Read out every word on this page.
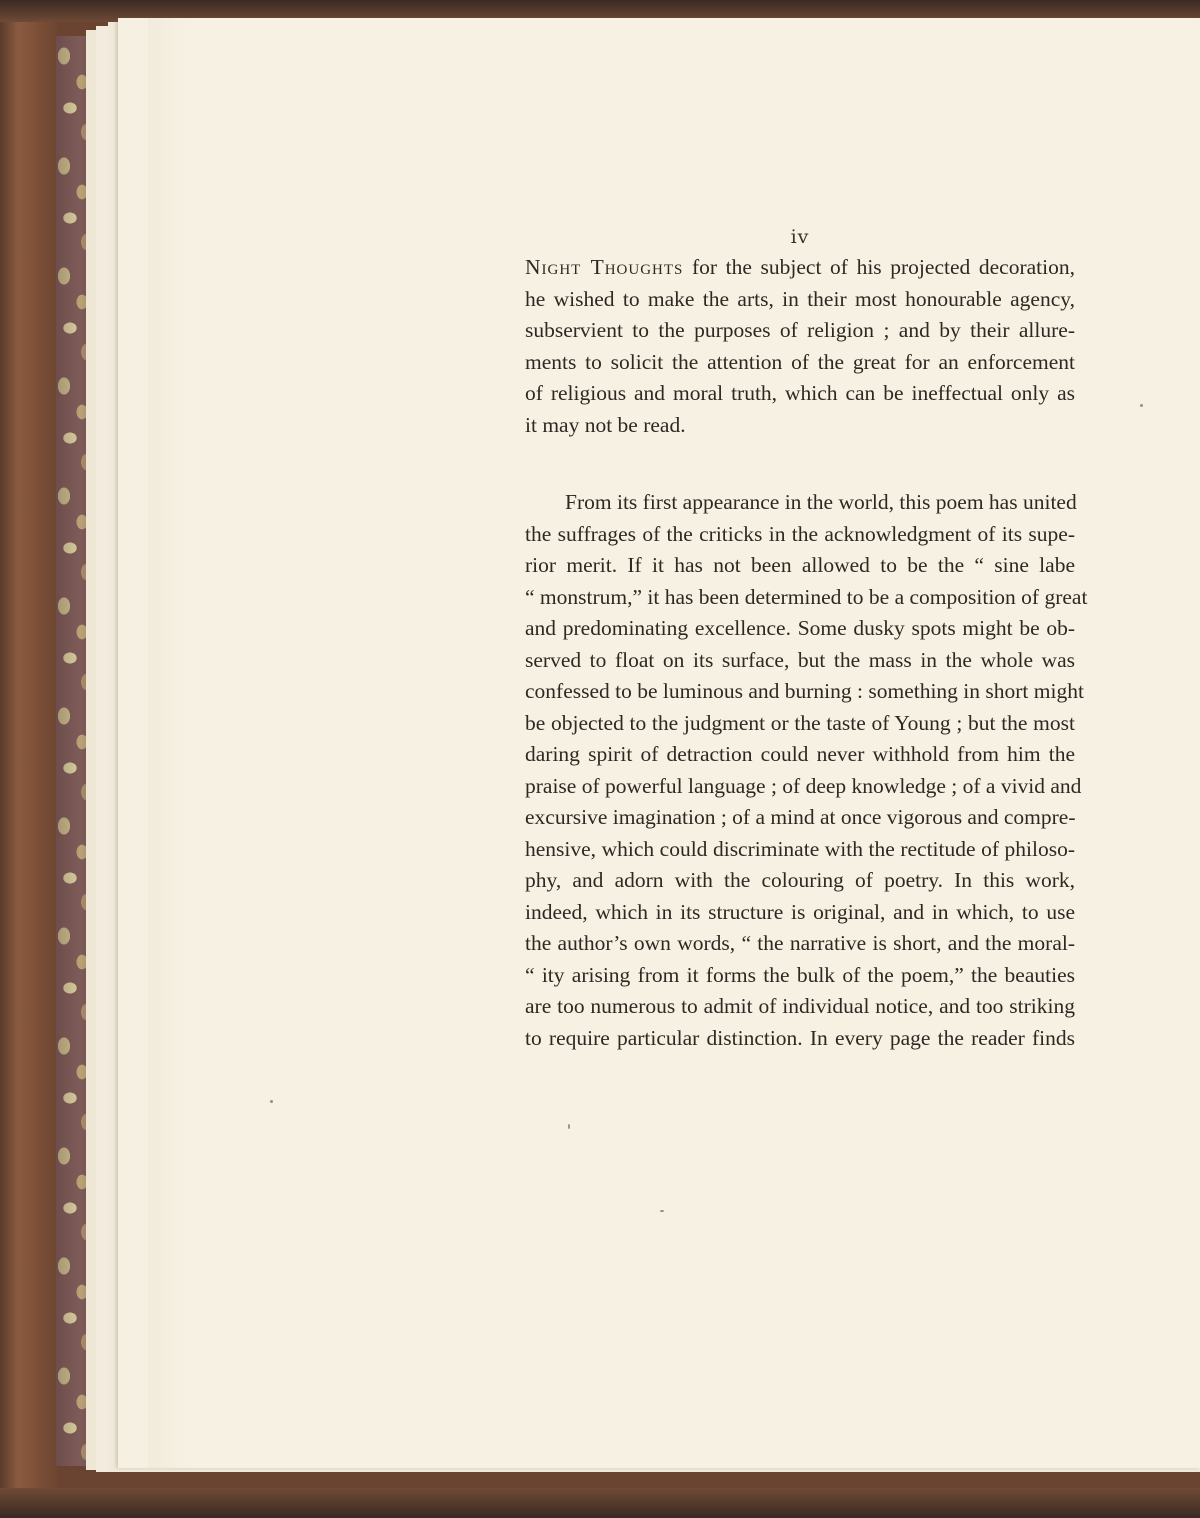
iv
Night Thoughts for the subject of his projected decoration,
he wished to make the arts, in their most honourable agency,
subservient to the purposes of religion ; and by their allure-
ments to solicit the attention of the great for an enforcement
of religious and moral truth, which can be ineffectual only as
it may not be read.
From its first appearance in the world, this poem has united
the suffrages of the criticks in the acknowledgment of its supe-
rior merit. If it has not been allowed to be the “ sine labe
“ monstrum,” it has been determined to be a composition of great
and predominating excellence. Some dusky spots might be ob-
served to float on its surface, but the mass in the whole was
confessed to be luminous and burning : something in short might
be objected to the judgment or the taste of Young ; but the most
daring spirit of detraction could never withhold from him the
praise of powerful language ; of deep knowledge ; of a vivid and
excursive imagination ; of a mind at once vigorous and compre-
hensive, which could discriminate with the rectitude of philoso-
phy, and adorn with the colouring of poetry. In this work,
indeed, which in its structure is original, and in which, to use
the author’s own words, “ the narrative is short, and the moral-
“ ity arising from it forms the bulk of the poem,” the beauties
are too numerous to admit of individual notice, and too striking
to require particular distinction. In every page the reader finds
